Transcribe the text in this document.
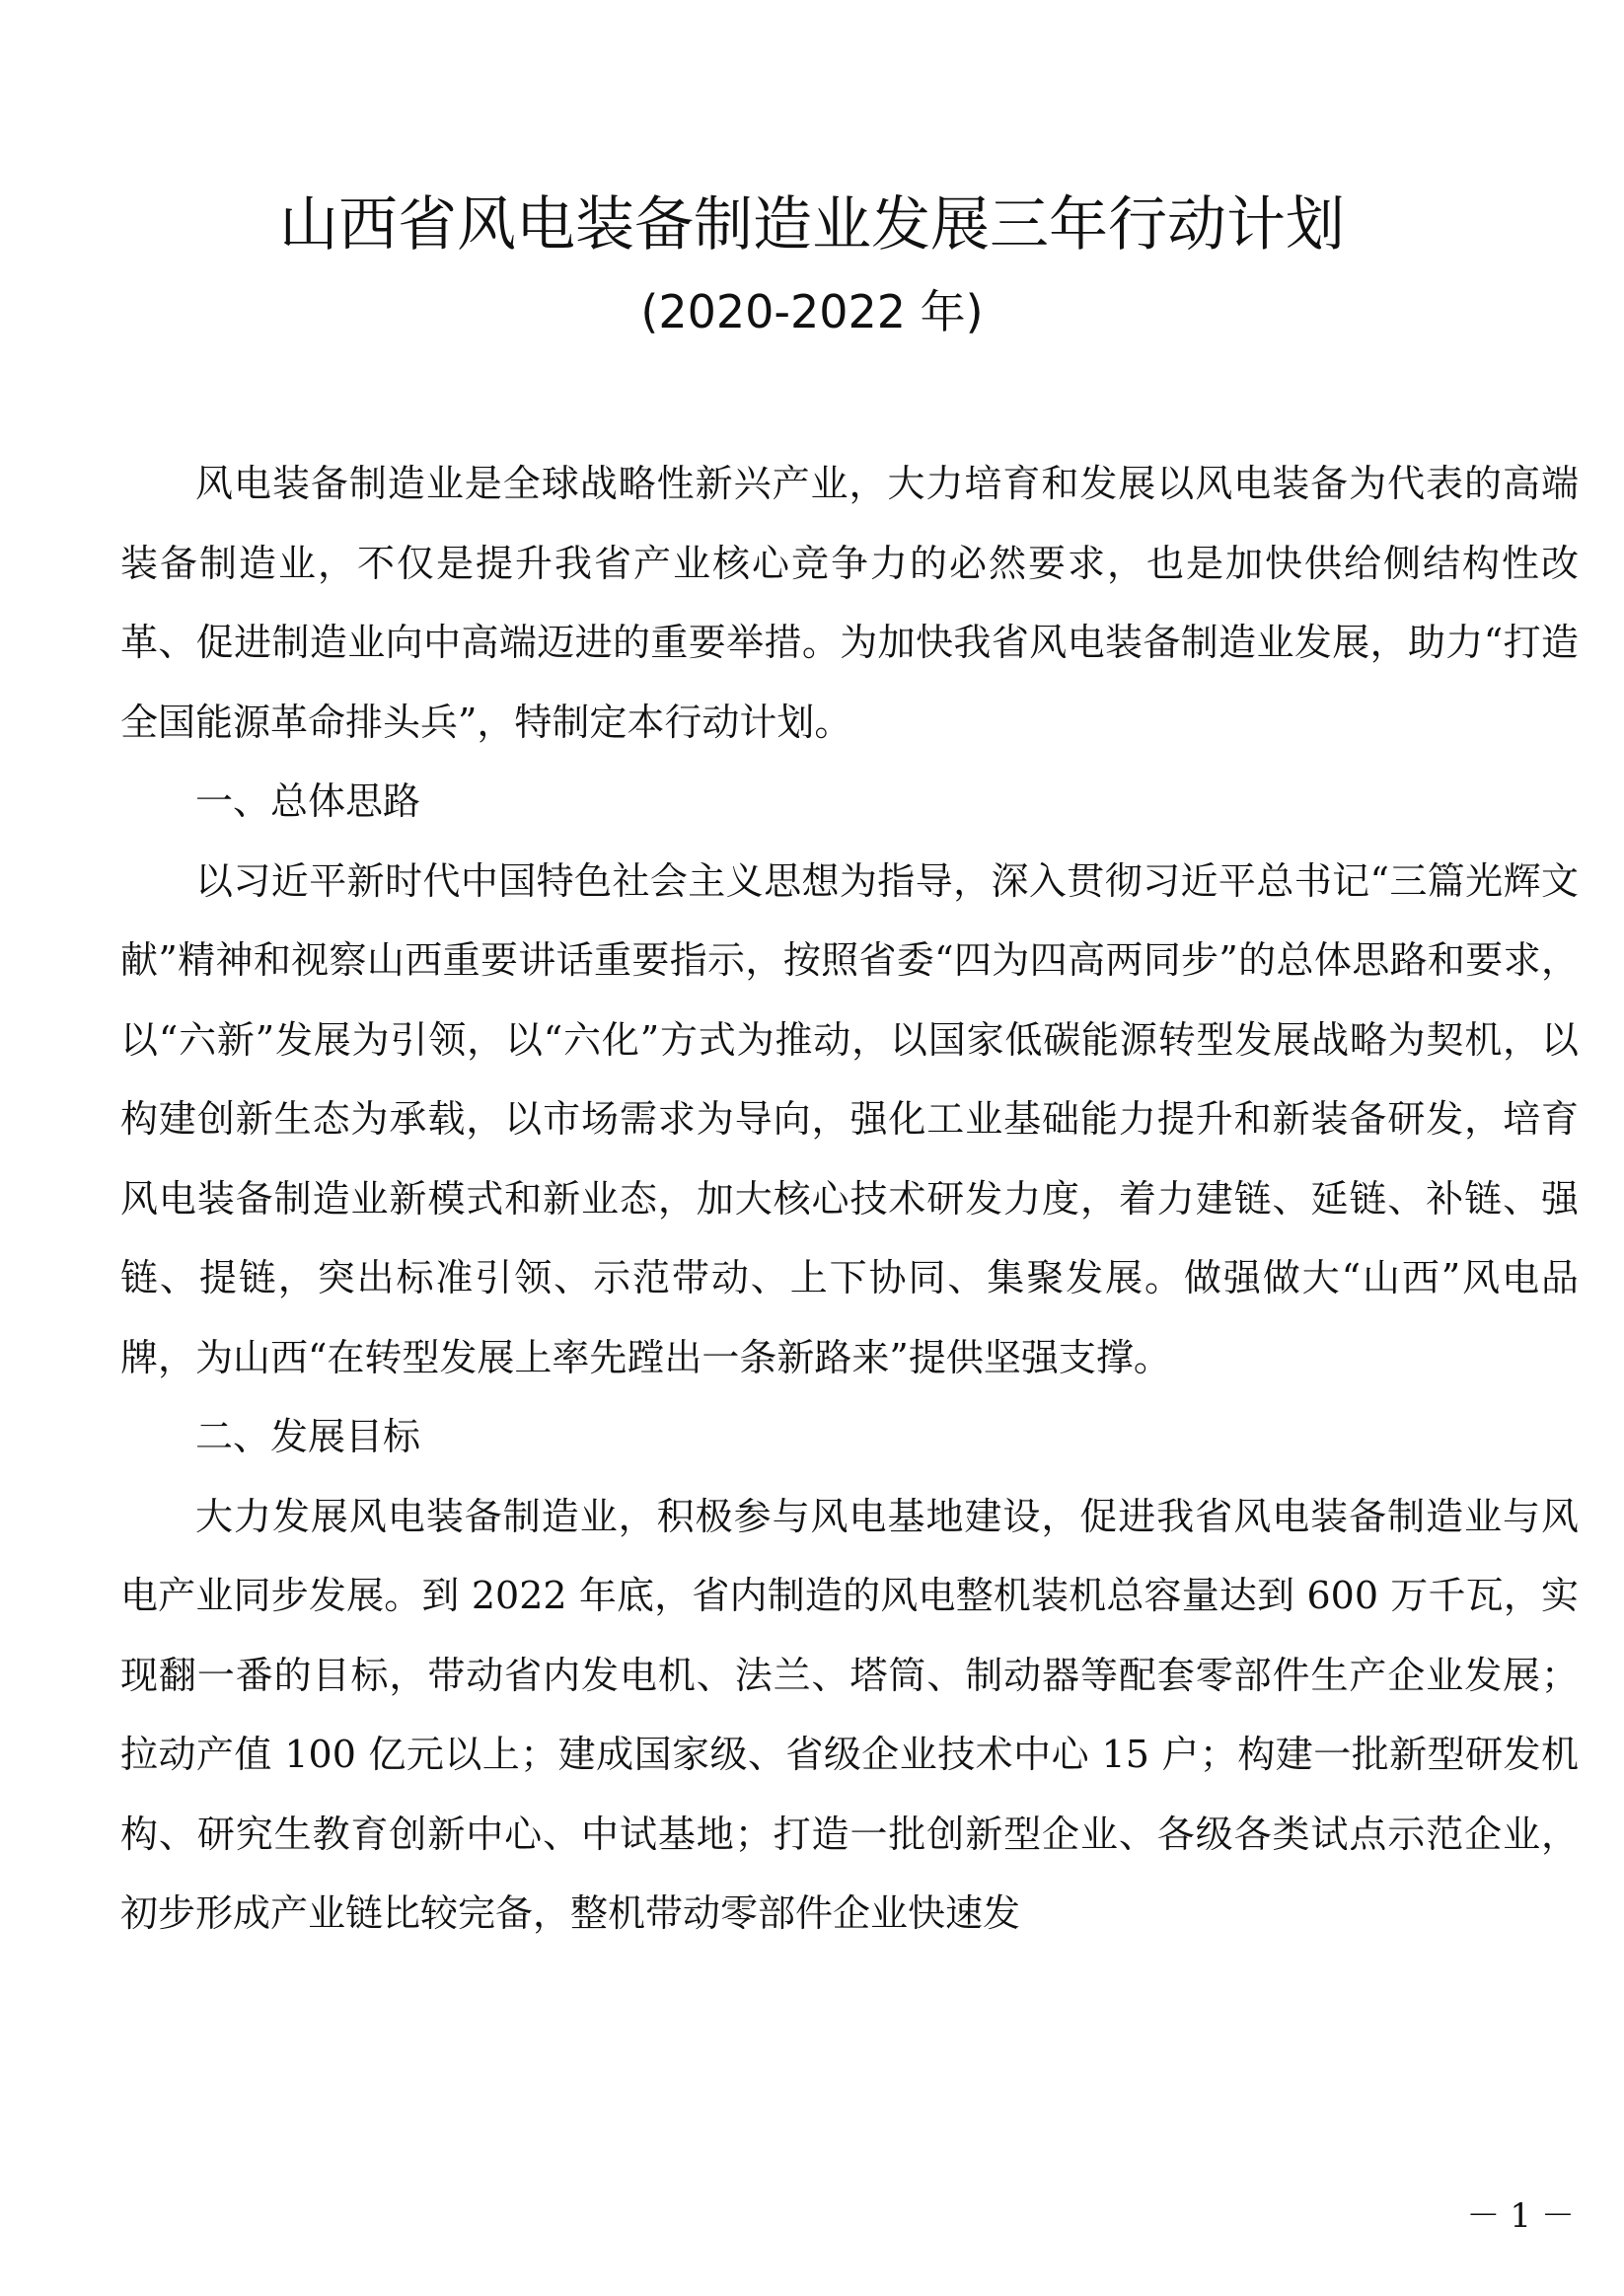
山西省风电装备制造业发展三年行动计划
(2020-2022 年)

风电装备制造业是全球战略性新兴产业，大力培育和发展以风电装备为代表的高端装备制造业，不仅是提升我省产业核心竞争力的必然要求，也是加快供给侧结构性改革、促进制造业向中高端迈进的重要举措。为加快我省风电装备制造业发展，助力“打造全国能源革命排头兵”，特制定本行动计划。

一、总体思路

以习近平新时代中国特色社会主义思想为指导，深入贯彻习近平总书记“三篇光辉文献”精神和视察山西重要讲话重要指示，按照省委“四为四高两同步”的总体思路和要求，以“六新”发展为引领，以“六化”方式为推动，以国家低碳能源转型发展战略为契机，以构建创新生态为承载，以市场需求为导向，强化工业基础能力提升和新装备研发，培育风电装备制造业新模式和新业态，加大核心技术研发力度，着力建链、延链、补链、强链、提链，突出标准引领、示范带动、上下协同、集聚发展。做强做大“山西”风电品牌，为山西“在转型发展上率先蹚出一条新路来”提供坚强支撑。

二、发展目标

大力发展风电装备制造业，积极参与风电基地建设，促进我省风电装备制造业与风电产业同步发展。到 2022 年底，省内制造的风电整机装机总容量达到 600 万千瓦，实现翻一番的目标，带动省内发电机、法兰、塔筒、制动器等配套零部件生产企业发展；拉动产值 100 亿元以上；建成国家级、省级企业技术中心 15 户；构建一批新型研发机构、研究生教育创新中心、中试基地；打造一批创新型企业、各级各类试点示范企业，初步形成产业链比较完备，整机带动零部件企业快速发

－1－
